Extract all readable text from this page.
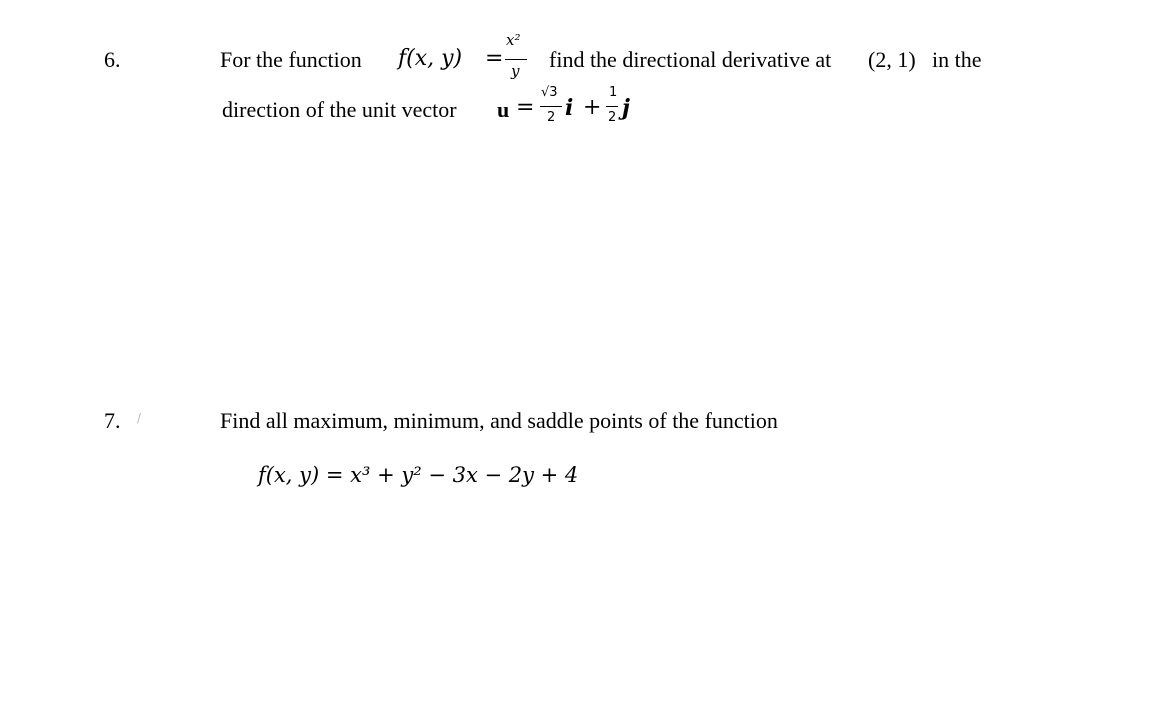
6.	For the function f(x, y) =
x²
y find the directional derivative at (2, 1) in the
direction of the unit vector u =
√3
2 i +
1
2 j
7. /	Find all maximum, minimum, and saddle points of the function
f(x, y) = x³ + y² − 3x − 2y + 4
